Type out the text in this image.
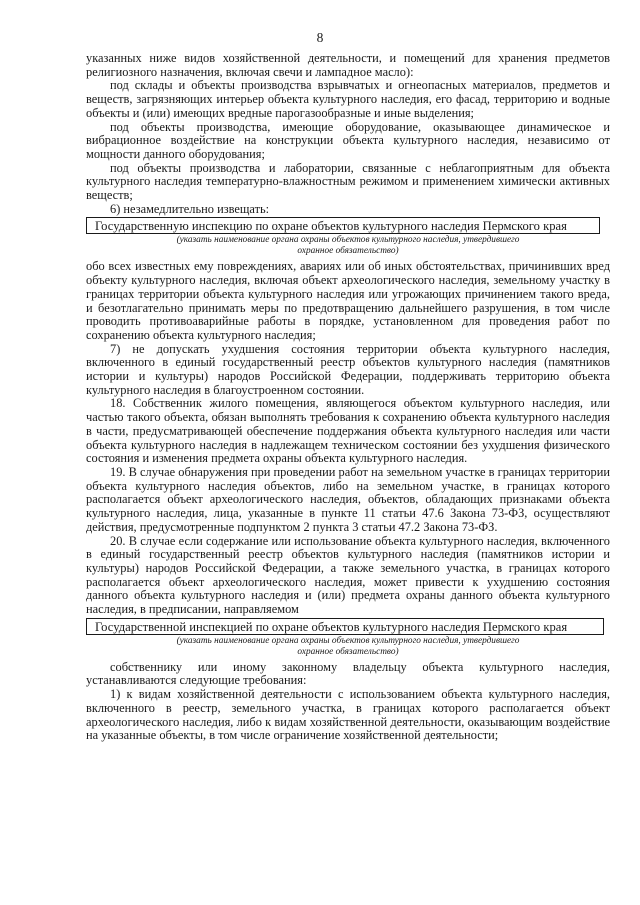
8

указанных ниже видов хозяйственной деятельности, и помещений для хранения предметов религиозного назначения, включая свечи и лампадное масло):

под склады и объекты производства взрывчатых и огнеопасных материалов, предметов и веществ, загрязняющих интерьер объекта культурного наследия, его фасад, территорию и водные объекты и (или) имеющих вредные парогазообразные и иные выделения;

под объекты производства, имеющие оборудование, оказывающее динамическое и вибрационное воздействие на конструкции объекта культурного наследия, независимо от мощности данного оборудования;

под объекты производства и лаборатории, связанные с неблагоприятным для объекта культурного наследия температурно-влажностным режимом и применением химически активных веществ;

6) незамедлительно извещать:

Государственную инспекцию по охране объектов культурного наследия Пермского края
(указать наименование органа охраны объектов культурного наследия, утвердившего
охранное обязательство)

обо всех известных ему повреждениях, авариях или об иных обстоятельствах, причинивших вред объекту культурного наследия, включая объект археологического наследия, земельному участку в границах территории объекта культурного наследия или угрожающих причинением такого вреда, и безотлагательно принимать меры по предотвращению дальнейшего разрушения, в том числе проводить противоаварийные работы в порядке, установленном для проведения работ по сохранению объекта культурного наследия;

7) не допускать ухудшения состояния территории объекта культурного наследия, включенного в единый государственный реестр объектов культурного наследия (памятников истории и культуры) народов Российской Федерации, поддерживать территорию объекта культурного наследия в благоустроенном состоянии.

18. Собственник жилого помещения, являющегося объектом культурного наследия, или частью такого объекта, обязан выполнять требования к сохранению объекта культурного наследия в части, предусматривающей обеспечение поддержания объекта культурного наследия или части объекта культурного наследия в надлежащем техническом состоянии без ухудшения физического состояния и изменения предмета охраны объекта культурного наследия.

19. В случае обнаружения при проведении работ на земельном участке в границах территории объекта культурного наследия объектов, либо на земельном участке, в границах которого располагается объект археологического наследия, объектов, обладающих признаками объекта культурного наследия, лица, указанные в пункте 11 статьи 47.6 Закона 73-ФЗ, осуществляют действия, предусмотренные подпунктом 2 пункта 3 статьи 47.2 Закона 73-ФЗ.

20. В случае если содержание или использование объекта культурного наследия, включенного в единый государственный реестр объектов культурного наследия (памятников истории и культуры) народов Российской Федерации, а также земельного участка, в границах которого располагается объект археологического наследия, может привести к ухудшению состояния данного объекта культурного наследия и (или) предмета охраны данного объекта культурного наследия, в предписании, направляемом

Государственной инспекцией по охране объектов культурного наследия Пермского края
(указать наименование органа охраны объектов культурного наследия, утвердившего
охранное обязательство)

собственнику или иному законному владельцу объекта культурного наследия, устанавливаются следующие требования:

1) к видам хозяйственной деятельности с использованием объекта культурного наследия, включенного в реестр, земельного участка, в границах которого располагается объект археологического наследия, либо к видам хозяйственной деятельности, оказывающим воздействие на указанные объекты, в том числе ограничение хозяйственной деятельности;
